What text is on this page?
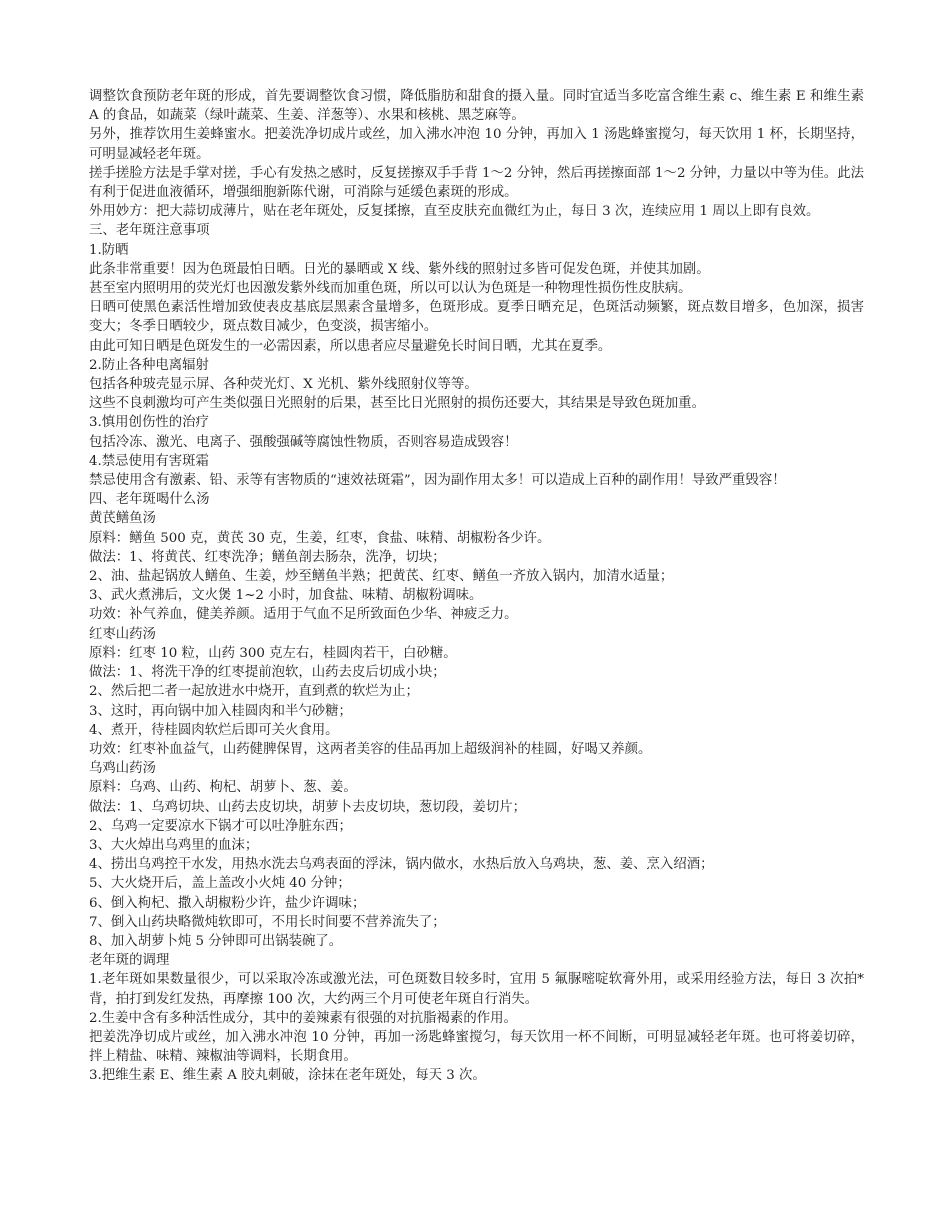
调整饮食预防老年斑的形成，首先要调整饮食习惯，降低脂肪和甜食的摄入量。同时宜适当多吃富含维生素 c、维生素 E 和维生素 A 的食品，如蔬菜（绿叶蔬菜、生姜、洋葱等）、水果和核桃、黑芝麻等。

另外，推荐饮用生姜蜂蜜水。把姜洗净切成片或丝，加入沸水冲泡 10 分钟，再加入 1 汤匙蜂蜜搅匀，每天饮用 1 杯，长期坚持，可明显减轻老年斑。

搓手搓脸方法是手掌对搓，手心有发热之感时，反复搓擦双手手背 1～2 分钟，然后再搓擦面部 1～2 分钟，力量以中等为佳。此法有利于促进血液循环，增强细胞新陈代谢，可消除与延缓色素斑的形成。

外用妙方：把大蒜切成薄片，贴在老年斑处，反复揉擦，直至皮肤充血微红为止，每日 3 次，连续应用 1 周以上即有良效。

三、老年斑注意事项

1.防晒

此条非常重要！因为色斑最怕日晒。日光的暴晒或 X 线、紫外线的照射过多皆可促发色斑，并使其加剧。

甚至室内照明用的荧光灯也因激发紫外线而加重色斑，所以可以认为色斑是一种物理性损伤性皮肤病。

日晒可使黑色素活性增加致使表皮基底层黑素含量增多，色斑形成。夏季日晒充足，色斑活动频繁，斑点数目增多，色加深，损害变大；冬季日晒较少，斑点数目减少，色变淡，损害缩小。

由此可知日晒是色斑发生的一必需因素，所以患者应尽量避免长时间日晒，尤其在夏季。

2.防止各种电离辐射

包括各种玻壳显示屏、各种荧光灯、X 光机、紫外线照射仪等等。

这些不良刺激均可产生类似强日光照射的后果，甚至比日光照射的损伤还要大，其结果是导致色斑加重。

3.慎用创伤性的治疗

包括冷冻、激光、电离子、强酸强碱等腐蚀性物质，否则容易造成毁容！

4.禁忌使用有害斑霜

禁忌使用含有激素、铅、汞等有害物质的“速效祛斑霜”，因为副作用太多！可以造成上百种的副作用！导致严重毁容！

四、老年斑喝什么汤

黄芪鳝鱼汤

原料：鳝鱼 500 克，黄芪 30 克，生姜，红枣，食盐、味精、胡椒粉各少许。

做法：1、将黄芪、红枣洗净；鳝鱼剖去肠杂，洗净，切块；

2、油、盐起锅放人鳝鱼、生姜，炒至鳝鱼半熟；把黄芪、红枣、鳝鱼一齐放入锅内，加清水适量；

3、武火煮沸后，文火煲 1~2 小时，加食盐、味精、胡椒粉调味。

功效：补气养血，健美养颜。适用于气血不足所致面色少华、神疲乏力。

红枣山药汤

原料：红枣 10 粒，山药 300 克左右，桂圆肉若干，白砂糖。

做法：1、将洗干净的红枣提前泡软，山药去皮后切成小块；

2、然后把二者一起放进水中烧开，直到煮的软烂为止；

3、这时，再向锅中加入桂圆肉和半勺砂糖；

4、煮开，待桂圆肉软烂后即可关火食用。

功效：红枣补血益气，山药健脾保胃，这两者美容的佳品再加上超级润补的桂圆，好喝又养颜。

乌鸡山药汤

原料：乌鸡、山药、枸杞、胡萝卜、葱、姜。

做法：1、乌鸡切块、山药去皮切块，胡萝卜去皮切块，葱切段，姜切片；

2、乌鸡一定要凉水下锅才可以吐净脏东西；

3、大火焯出乌鸡里的血沫；

4、捞出乌鸡控干水发，用热水洗去乌鸡表面的浮沫，锅内做水，水热后放入乌鸡块，葱、姜、烹入绍酒；

5、大火烧开后，盖上盖改小火炖 40 分钟；

6、倒入枸杞、撒入胡椒粉少许，盐少许调味；

7、倒入山药块略微炖软即可，不用长时间要不营养流失了；

8、加入胡萝卜炖 5 分钟即可出锅装碗了。

老年斑的调理

1.老年斑如果数量很少，可以采取冷冻或激光法，可色斑数目较多时，宜用 5 氟脲嘧啶软膏外用，或采用经验方法，每日 3 次拍*背，拍打到发红发热，再摩擦 100 次，大约两三个月可使老年斑自行消失。

2.生姜中含有多种活性成分，其中的姜辣素有很强的对抗脂褐素的作用。

把姜洗净切成片或丝，加入沸水冲泡 10 分钟，再加一汤匙蜂蜜搅匀，每天饮用一杯不间断，可明显减轻老年斑。也可将姜切碎，拌上精盐、味精、辣椒油等调料，长期食用。

3.把维生素 E、维生素 A 胶丸刺破，涂抹在老年斑处，每天 3 次。
